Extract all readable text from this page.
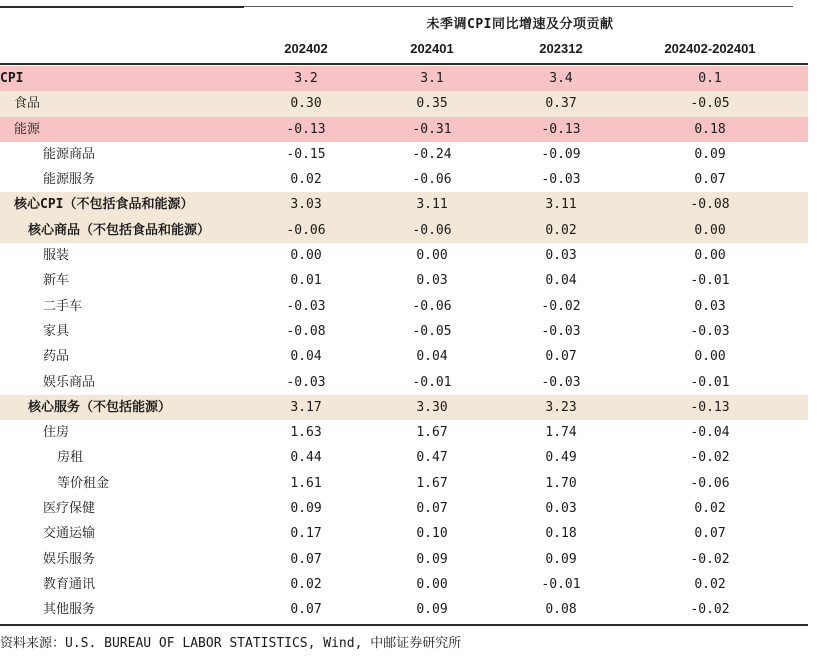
未季调CPI同比增速及分项贡献
202402	202401	202312	202402-202401
CPI	3.2	3.1	3.4	0.1
食品	0.30	0.35	0.37	-0.05
能源	-0.13	-0.31	-0.13	0.18
能源商品	-0.15	-0.24	-0.09	0.09
能源服务	0.02	-0.06	-0.03	0.07
核心CPI（不包括食品和能源）	3.03	3.11	3.11	-0.08
核心商品（不包括食品和能源）	-0.06	-0.06	0.02	0.00
服装	0.00	0.00	0.03	0.00
新车	0.01	0.03	0.04	-0.01
二手车	-0.03	-0.06	-0.02	0.03
家具	-0.08	-0.05	-0.03	-0.03
药品	0.04	0.04	0.07	0.00
娱乐商品	-0.03	-0.01	-0.03	-0.01
核心服务（不包括能源）	3.17	3.30	3.23	-0.13
住房	1.63	1.67	1.74	-0.04
房租	0.44	0.47	0.49	-0.02
等价租金	1.61	1.67	1.70	-0.06
医疗保健	0.09	0.07	0.03	0.02
交通运输	0.17	0.10	0.18	0.07
娱乐服务	0.07	0.09	0.09	-0.02
教育通讯	0.02	0.00	-0.01	0.02
其他服务	0.07	0.09	0.08	-0.02
资料来源：U.S. BUREAU OF LABOR STATISTICS, Wind, 中邮证券研究所
